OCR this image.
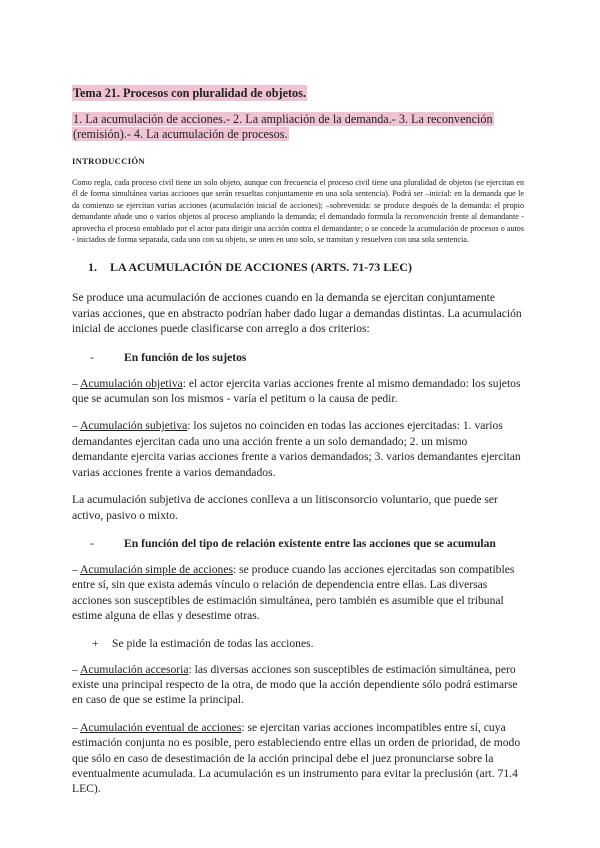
Tema 21. Procesos con pluralidad de objetos.
1. La acumulación de acciones.- 2. La ampliación de la demanda.- 3. La reconvención (remisión).- 4. La acumulación de procesos.
INTRODUCCIÓN

Como regla, cada proceso civil tiene un solo objeto, aunque con frecuencia el proceso civil tiene una pluralidad de objetos (se ejercitan en él de forma simultánea varias acciones que serán resueltas conjuntamente en una sola sentencia). Podrá ser –inicial: en la demanda que le da comienzo se ejercitan varias acciones (acumulación inicial de acciones); –sobrevenida: se produce después de la demanda: el propio demandante añade uno o varios objetos al proceso ampliando la demanda; el demandado formula la reconvención frente al demandante - aprovecha el proceso entablado por el actor para dirigir una acción contra el demandante; o se concede la acumulación de procesos o autos - iniciados de forma separada, cada uno con su objeto, se unen en uno solo, se tramitan y resuelven con una sola sentencia.

1.	LA ACUMULACIÓN DE ACCIONES (ARTS. 71-73 LEC)

Se produce una acumulación de acciones cuando en la demanda se ejercitan conjuntamente varias acciones, que en abstracto podrían haber dado lugar a demandas distintas. La acumulación inicial de acciones puede clasificarse con arreglo a dos criterios:

-	En función de los sujetos

– Acumulación objetiva: el actor ejercita varias acciones frente al mismo demandado: los sujetos que se acumulan son los mismos - varía el petitum o la causa de pedir.

– Acumulación subjetiva: los sujetos no coinciden en todas las acciones ejercitadas: 1. varios demandantes ejercitan cada uno una acción frente a un solo demandado; 2. un mismo demandante ejercita varias acciones frente a varios demandados; 3. varios demandantes ejercitan varias acciones frente a varios demandados.

La acumulación subjetiva de acciones conlleva a un litisconsorcio voluntario, que puede ser activo, pasivo o mixto.

-	En función del tipo de relación existente entre las acciones que se acumulan

– Acumulación simple de acciones: se produce cuando las acciones ejercitadas son compatibles entre sí, sin que exista además vínculo o relación de dependencia entre ellas. Las diversas acciones son susceptibles de estimación simultánea, pero también es asumible que el tribunal estime alguna de ellas y desestime otras.

+	Se pide la estimación de todas las acciones.

– Acumulación accesoria: las diversas acciones son susceptibles de estimación simultánea, pero existe una principal respecto de la otra, de modo que la acción dependiente sólo podrá estimarse en caso de que se estime la principal.

– Acumulación eventual de acciones: se ejercitan varias acciones incompatibles entre sí, cuya estimación conjunta no es posible, pero estableciendo entre ellas un orden de prioridad, de modo que sólo en caso de desestimación de la acción principal debe el juez pronunciarse sobre la eventualmente acumulada. La acumulación es un instrumento para evitar la preclusión (art. 71.4 LEC).
